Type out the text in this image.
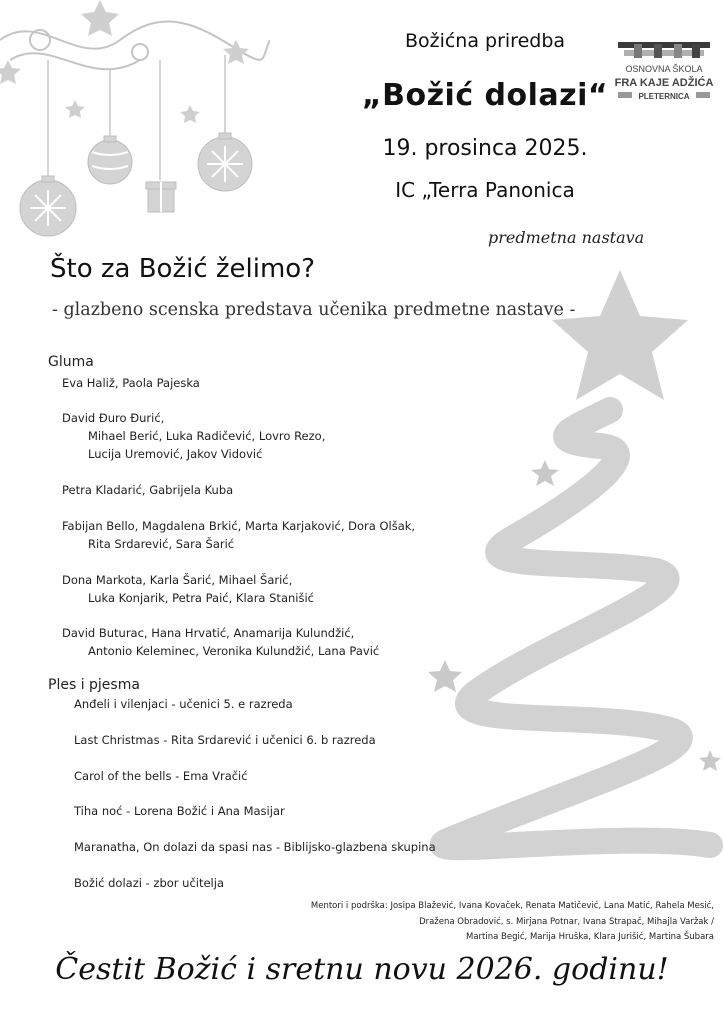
OSNOVNA ŠKOLA
FRA KAJE ADŽIĆA
PLETERNICA
Božićna priredba
„Božić dolazi“
19. prosinca 2025.
IC „Terra Panonica
predmetna nastava
Što za Božić želimo?
- glazbeno scenska predstava učenika predmetne nastave -
Gluma
Eva Haliž, Paola Pajeska
David Đuro Đurić,
Mihael Berić, Luka Radičević, Lovro Rezo,
Lucija Uremović, Jakov Vidović
Petra Kladarić, Gabrijela Kuba
Fabijan Bello, Magdalena Brkić, Marta Karjaković, Dora Olšak,
Rita Srdarević, Sara Šarić
Dona Markota, Karla Šarić, Mihael Šarić,
Luka Konjarik, Petra Paić, Klara Stanišić
David Buturac, Hana Hrvatić, Anamarija Kulundžić,
Antonio Keleminec, Veronika Kulundžić, Lana Pavić
Ples i pjesma
Anđeli i vilenjaci - učenici 5. e razreda
Last Christmas - Rita Srdarević i učenici 6. b razreda
Carol of the bells - Ema Vračić
Tiha noć - Lorena Božić i Ana Masijar
Maranatha, On dolazi da spasi nas - Biblijsko-glazbena skupina
Božić dolazi - zbor učitelja
Mentori i podrška: Josipa Blažević, Ivana Kovaček, Renata Matičević, Lana Matić, Rahela Mesić,
Dražena Obradović, s. Mirjana Potnar, Ivana Strapač, Mihajla Varžak /
Martina Begić, Marija Hruška, Klara Jurišić, Martina Šubara
Čestit Božić i sretnu novu 2026. godinu!
